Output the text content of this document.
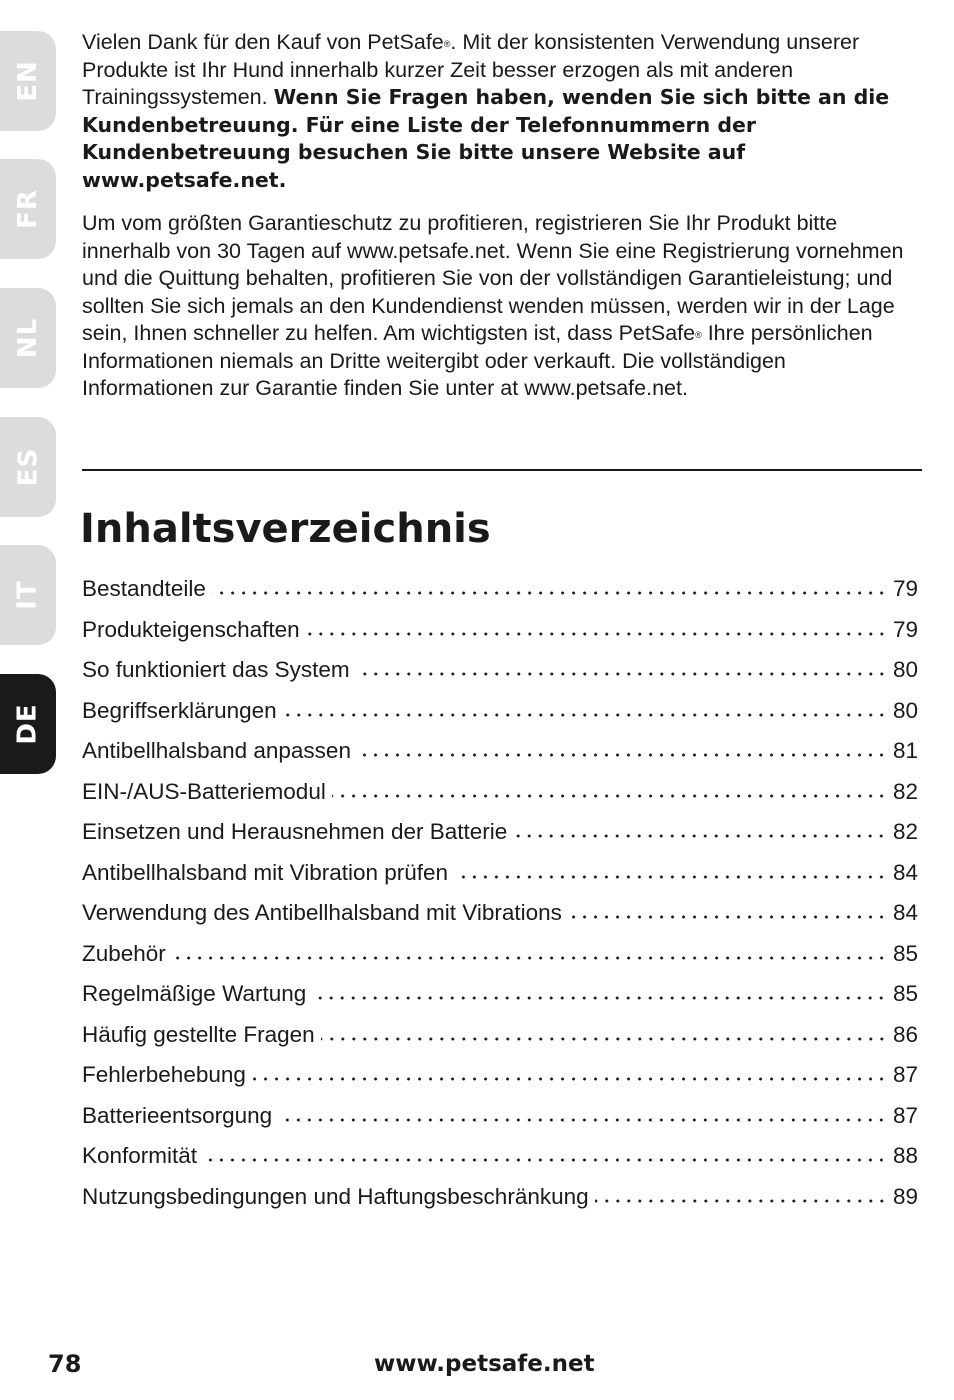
EN
FR
NL
ES
IT
DE

Vielen Dank für den Kauf von PetSafe®. Mit der konsistenten Verwendung unserer Produkte ist Ihr Hund innerhalb kurzer Zeit besser erzogen als mit anderen Trainingssystemen. Wenn Sie Fragen haben, wenden Sie sich bitte an die Kundenbetreuung. Für eine Liste der Telefonnummern der Kundenbetreuung besuchen Sie bitte unsere Website auf www.petsafe.net.

Um vom größten Garantieschutz zu profitieren, registrieren Sie Ihr Produkt bitte innerhalb von 30 Tagen auf www.petsafe.net. Wenn Sie eine Registrierung vornehmen und die Quittung behalten, profitieren Sie von der vollständigen Garantieleistung; und sollten Sie sich jemals an den Kundendienst wenden müssen, werden wir in der Lage sein, Ihnen schneller zu helfen. Am wichtigsten ist, dass PetSafe® Ihre persönlichen Informationen niemals an Dritte weitergibt oder verkauft. Die vollständigen Informationen zur Garantie finden Sie unter at www.petsafe.net.

Inhaltsverzeichnis
Bestandteile	79
Produkteigenschaften	79
So funktioniert das System	80
Begriffserklärungen	80
Antibellhalsband anpassen	81
EIN-/AUS-Batteriemodul	82
Einsetzen und Herausnehmen der Batterie	82
Antibellhalsband mit Vibration prüfen	84
Verwendung des Antibellhalsband mit Vibrations	84
Zubehör	85
Regelmäßige Wartung	85
Häufig gestellte Fragen	86
Fehlerbehebung	87
Batterieentsorgung	87
Konformität	88
Nutzungsbedingungen und Haftungsbeschränkung	89
78	www.petsafe.net
